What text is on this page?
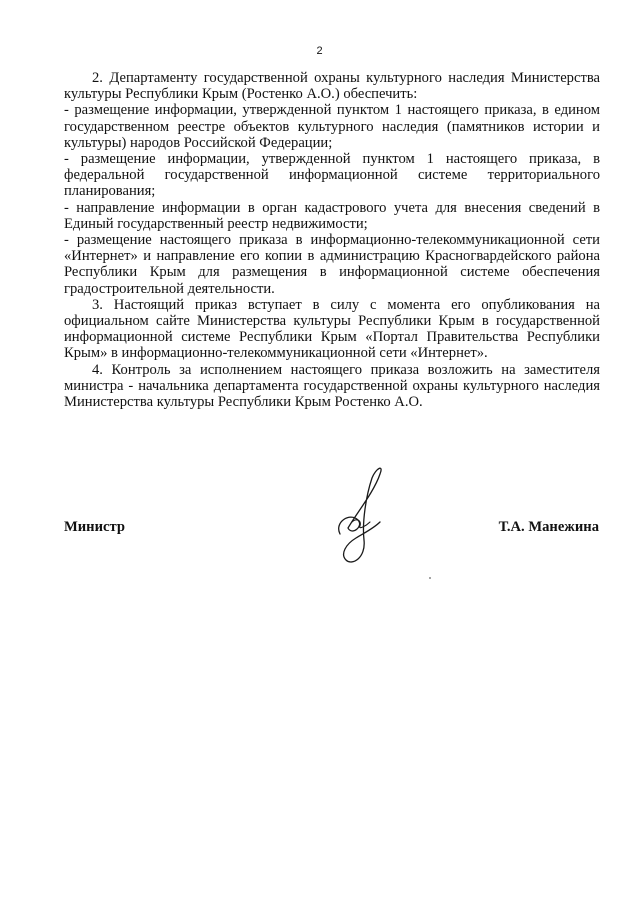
2

2. Департаменту государственной охраны культурного наследия Министерства культуры Республики Крым (Ростенко А.О.) обеспечить:

- размещение информации, утвержденной пунктом 1 настоящего приказа, в едином государственном реестре объектов культурного наследия (памятников истории и культуры) народов Российской Федерации;

- размещение информации, утвержденной пунктом 1 настоящего приказа, в федеральной государственной информационной системе территориального планирования;

- направление информации в орган кадастрового учета для внесения сведений в Единый государственный реестр недвижимости;

- размещение настоящего приказа в информационно-телекоммуникационной сети «Интернет» и направление его копии в администрацию Красногвардейского района Республики Крым для размещения в информационной системе обеспечения градостроительной деятельности.

3. Настоящий приказ вступает в силу с момента его опубликования на официальном сайте Министерства культуры Республики Крым в государственной информационной системе Республики Крым «Портал Правительства Республики Крым» в информационно-телекоммуникационной сети «Интернет».

4. Контроль за исполнением настоящего приказа возложить на заместителя министра - начальника департамента государственной охраны культурного наследия Министерства культуры Республики Крым Ростенко А.О.

Министр	Т.А. Манежина
